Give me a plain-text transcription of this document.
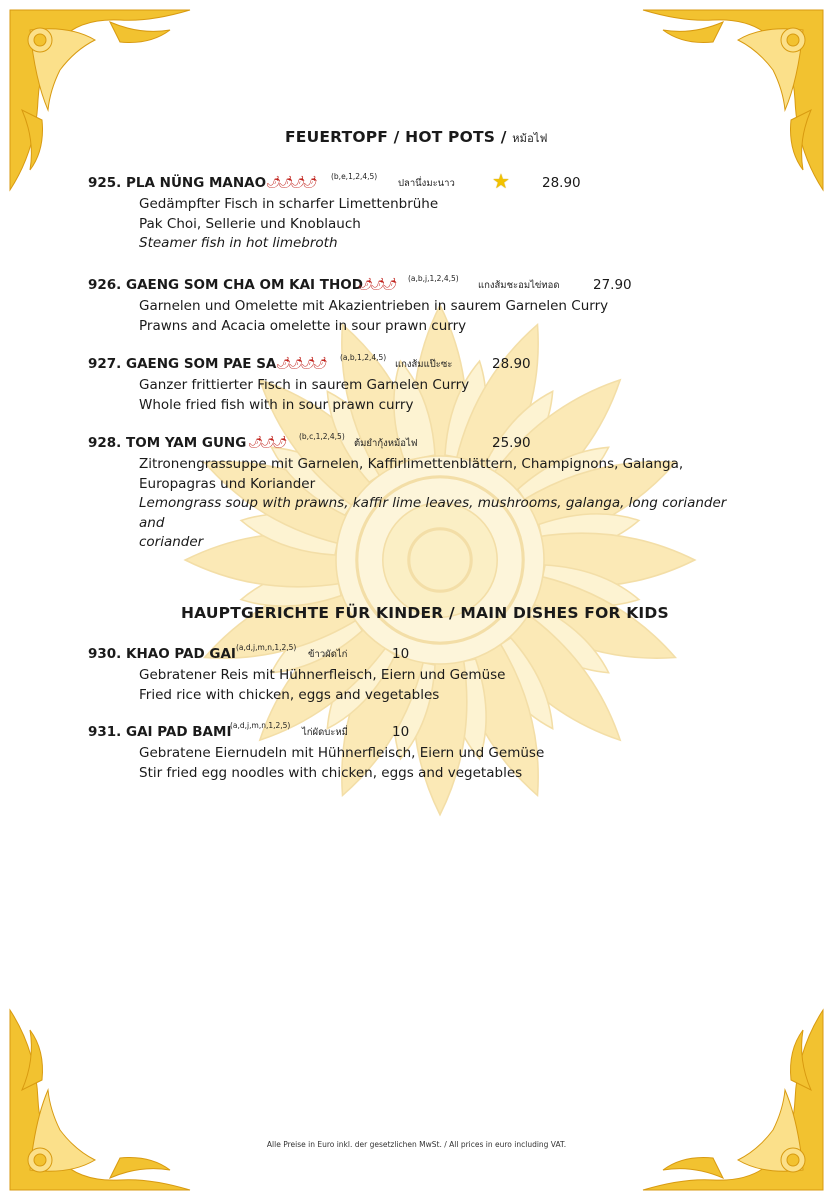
FEUERTOPF / HOT POTS / หม้อไฟ
925. PLA NÜNG MANAO 🌶🌶🌶🌶 (b,e,1,2,4,5)
ปลานึ่งมะนาว ★ 28.90
Gedämpfter Fisch in scharfer Limettenbrühe
Pak Choi, Sellerie und Knoblauch
Steamer fish in hot limebroth
926. GAENG SOM CHA OM KAI THOD
🌶🌶🌶 (a,b,j,1,2,4,5)
แกงส้มชะอมไข่ทอด 27.90
Garnelen und Omelette mit Akazientrieben in saurem Garnelen Curry
Prawns and Acacia omelette in sour prawn curry
927. GAENG SOM PAE SA 🌶🌶🌶🌶 (a,b,1,2,4,5)
แกงส้มแป๊ะซะ	28.90
Ganzer frittierter Fisch in saurem Garnelen Curry
Whole fried fish with in sour prawn curry
928. TOM YAM GUNG 🌶🌶🌶 (b,c,1,2,4,5)
ต้มยำกุ้งหม้อไฟ	25.90
Zitronengrassuppe mit Garnelen, Kaffirlimettenblättern, Champignons, Galanga,
Europagras und Koriander
Lemongrass soup with prawns, kaffir lime leaves, mushrooms, galanga, long coriander and
coriander
HAUPTGERICHTE FÜR KINDER / MAIN DISHES FOR KIDS
930. KHAO PAD GAI (a,d,j,m,n,1,2,5)
ข้าวผัดไก่	10
Gebratener Reis mit Hühnerfleisch, Eiern und Gemüse
Fried rice with chicken, eggs and vegetables
931. GAI PAD BAMI
(a,d,j,m,n,1,2,5)
ไก่ผัดบะหมี่	10
Gebratene Eiernudeln mit Hühnerfleisch, Eiern und Gemüse
Stir fried egg noodles with chicken, eggs and vegetables
Alle Preise in Euro inkl. der gesetzlichen MwSt. / All prices in euro including VAT.
